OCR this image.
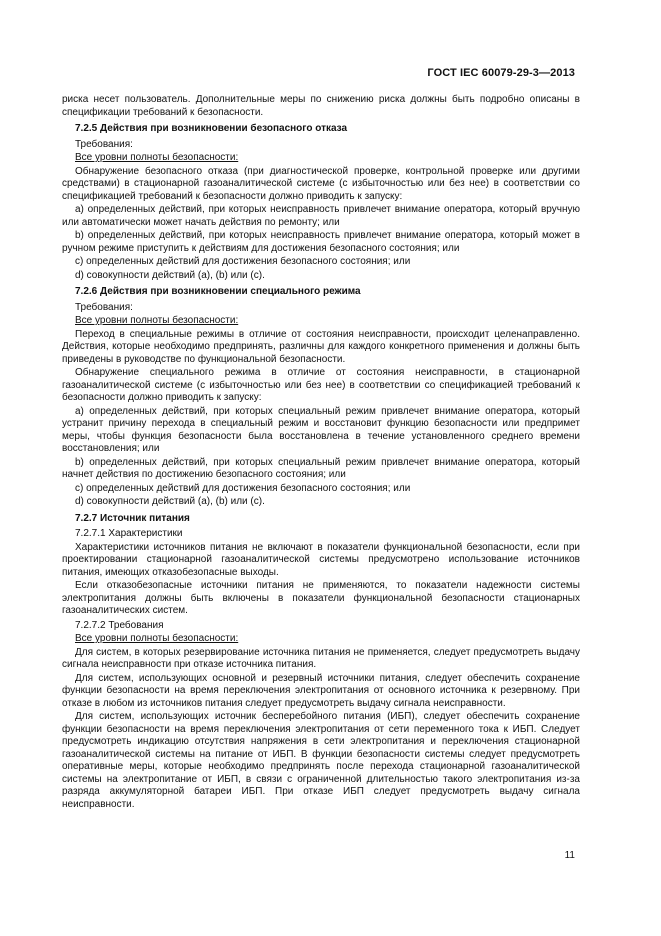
ГОСТ IEC 60079-29-3—2013

риска несет пользователь. Дополнительные меры по снижению риска должны быть подробно описаны в спецификации требований к безопасности.

7.2.5 Действия при возникновении безопасного отказа

Требования:

Все уровни полноты безопасности:

Обнаружение безопасного отказа (при диагностической проверке, контрольной проверке или другими средствами) в стационарной газоаналитической системе (с избыточностью или без нее) в соответствии со спецификацией требований к безопасности должно приводить к запуску:

а) определенных действий, при которых неисправность привлечет внимание оператора, который вручную или автоматически может начать действия по ремонту; или

b) определенных действий, при которых неисправность привлечет внимание оператора, который может в ручном режиме приступить к действиям для достижения безопасного состояния; или

c) определенных действий для достижения безопасного состояния; или

d) совокупности действий (а), (b) или (c).

7.2.6 Действия при возникновении специального режима

Требования:

Все уровни полноты безопасности:

Переход в специальные режимы в отличие от состояния неисправности, происходит целенаправленно. Действия, которые необходимо предпринять, различны для каждого конкретного применения и должны быть приведены в руководстве по функциональной безопасности.

Обнаружение специального режима в отличие от состояния неисправности, в стационарной газоаналитической системе (с избыточностью или без нее) в соответствии со спецификацией требований к безопасности должно приводить к запуску:

а) определенных действий, при которых специальный режим привлечет внимание оператора, который устранит причину перехода в специальный режим и восстановит функцию безопасности или предпримет меры, чтобы функция безопасности была восстановлена в течение установленного среднего времени восстановления; или

b) определенных действий, при которых специальный режим привлечет внимание оператора, который начнет действия по достижению безопасного состояния; или

c) определенных действий для достижения безопасного состояния; или

d) совокупности действий (а), (b) или (c).

7.2.7 Источник питания
7.2.7.1 Характеристики

Характеристики источников питания не включают в показатели функциональной безопасности, если при проектировании стационарной газоаналитической системы предусмотрено использование источников питания, имеющих отказобезопасные выходы.

Если отказобезопасные источники питания не применяются, то показатели надежности системы электропитания должны быть включены в показатели функциональной безопасности стационарных газоаналитических систем.

7.2.7.2 Требования

Все уровни полноты безопасности:

Для систем, в которых резервирование источника питания не применяется, следует предусмотреть выдачу сигнала неисправности при отказе источника питания.

Для систем, использующих основной и резервный источники питания, следует обеспечить сохранение функции безопасности на время переключения электропитания от основного источника к резервному. При отказе в любом из источников питания следует предусмотреть выдачу сигнала неисправности.

Для систем, использующих источник бесперебойного питания (ИБП), следует обеспечить сохранение функции безопасности на время переключения электропитания от сети переменного тока к ИБП. Следует предусмотреть индикацию отсутствия напряжения в сети электропитания и переключения стационарной газоаналитической системы на питание от ИБП. В функции безопасности системы следует предусмотреть оперативные меры, которые необходимо предпринять после перехода стационарной газоаналитической системы на электропитание от ИБП, в связи с ограниченной длительностью такого электропитания из-за разряда аккумуляторной батареи ИБП. При отказе ИБП следует предусмотреть выдачу сигнала неисправности.

11
